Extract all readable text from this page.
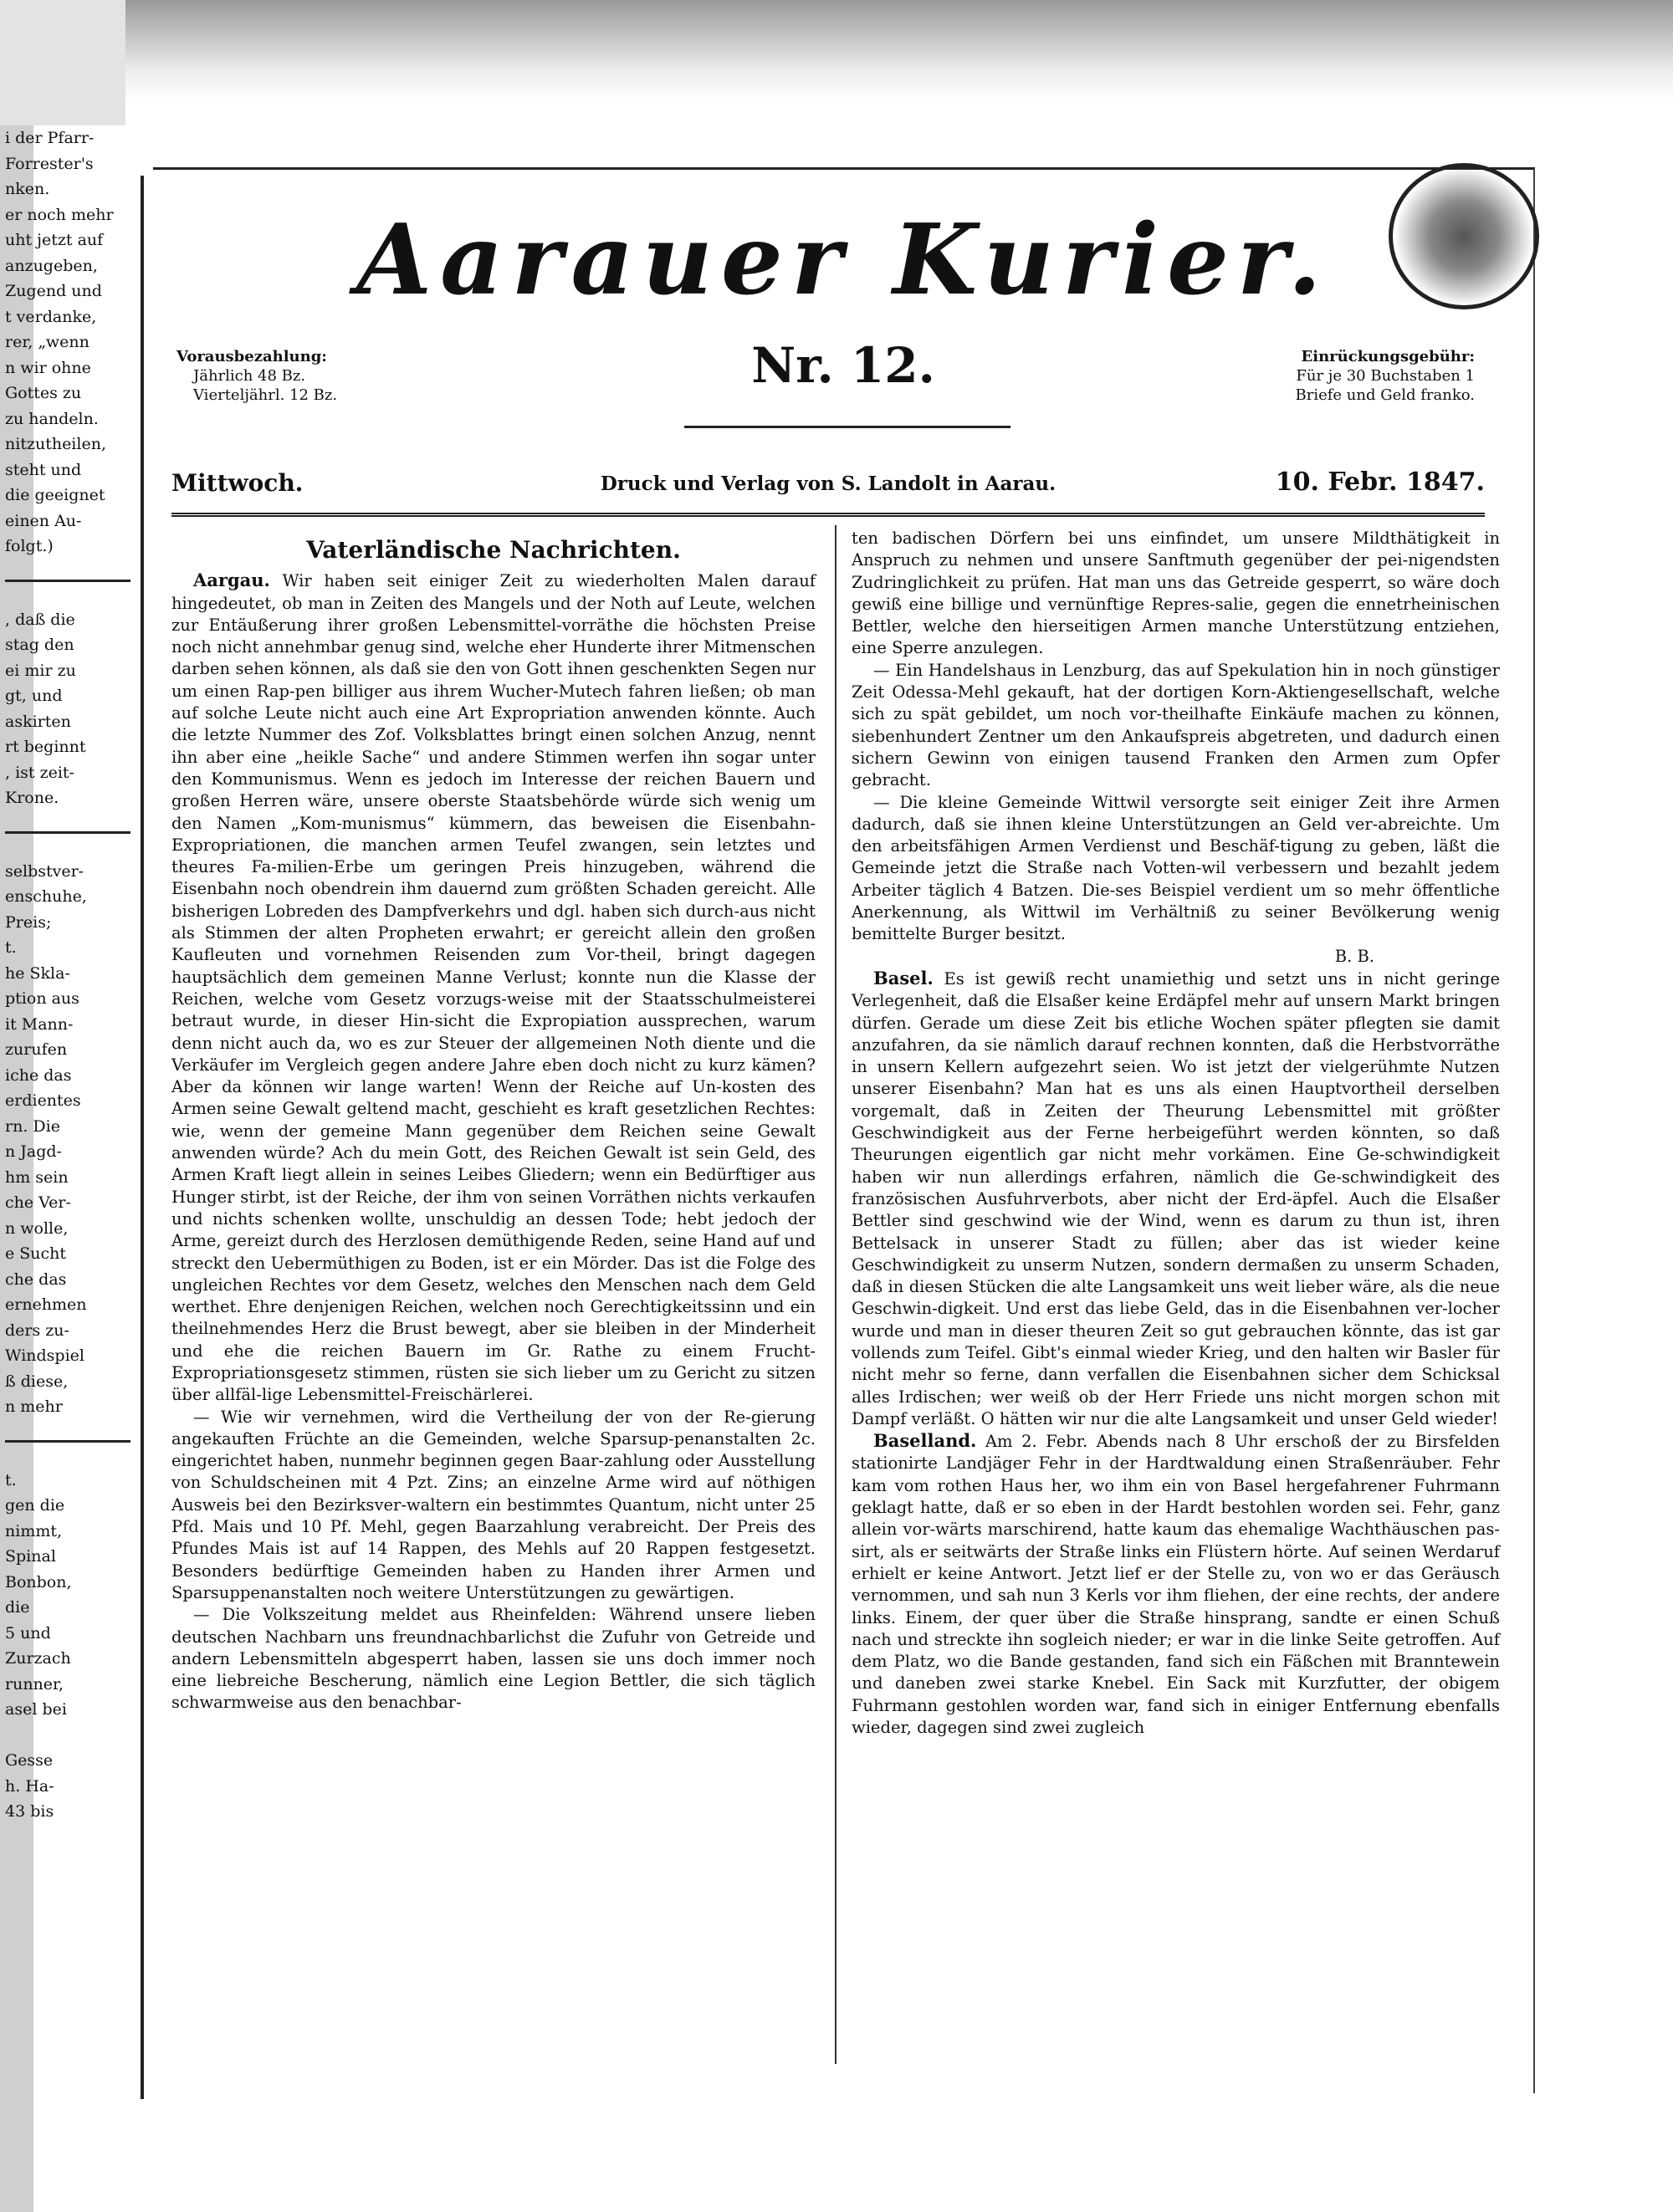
i der Pfarr-
Forrester's
nken.
er noch mehr
uht jetzt auf
anzugeben,
Zugend und
t verdanke,
rer, „wenn
n wir ohne
Gottes zu
zu handeln.
nitzutheilen,
steht und
die geeignet
einen Au-
folgt.)
, daß die
stag den
ei mir zu
gt, und
askirten
rt beginnt
, ist zeit-
Krone.
selbstver-
enschuhe,
Preis;
t.
he Skla-
ption aus
it Mann-
zurufen
iche das
erdientes
rn. Die
n Jagd-
hm sein
che Ver-
n wolle,
e Sucht
che das
ernehmen
ders zu-
Windspiel
ß diese,
n mehr
t.
gen die
nimmt,
Spinal
Bonbon,
die
5 und
Zurzach
runner,
asel bei

Gesse
h. Ha-
43 bis
Aarauer Kurier.
Vorausbezahlung:
Jährlich 48 Bz.
Vierteljährl. 12 Bz.
Nr. 12.	Einrückungsgebühr:
Für je 30 Buchstaben 1
Briefe und Geld franko.
Druck und Verlag von S. Landolt in Aarau.
Mittwoch.	10. Febr. 1847.
Vaterländische Nachrichten.

Aargau. Wir haben seit einiger Zeit zu wiederholten Malen darauf hingedeutet, ob man in Zeiten des Mangels und der Noth auf Leute, welchen zur Entäußerung ihrer großen Lebensmittel-vorräthe die höchsten Preise noch nicht annehmbar genug sind, welche eher Hunderte ihrer Mitmenschen darben sehen können, als daß sie den von Gott ihnen geschenkten Segen nur um einen Rap-pen billiger aus ihrem Wucher-Mutech fahren ließen; ob man auf solche Leute nicht auch eine Art Expropriation anwenden könnte. Auch die letzte Nummer des Zof. Volksblattes bringt einen solchen Anzug, nennt ihn aber eine „heikle Sache“ und andere Stimmen werfen ihn sogar unter den Kommunismus. Wenn es jedoch im Interesse der reichen Bauern und großen Herren wäre, unsere oberste Staatsbehörde würde sich wenig um den Namen „Kom-munismus“ kümmern, das beweisen die Eisenbahn-Expropriationen, die manchen armen Teufel zwangen, sein letztes und theures Fa-milien-Erbe um geringen Preis hinzugeben, während die Eisenbahn noch obendrein ihm dauernd zum größten Schaden gereicht. Alle bisherigen Lobreden des Dampfverkehrs und dgl. haben sich durch-aus nicht als Stimmen der alten Propheten erwahrt; er gereicht allein den großen Kaufleuten und vornehmen Reisenden zum Vor-theil, bringt dagegen hauptsächlich dem gemeinen Manne Verlust; konnte nun die Klasse der Reichen, welche vom Gesetz vorzugs-weise mit der Staatsschulmeisterei betraut wurde, in dieser Hin-sicht die Expropiation aussprechen, warum denn nicht auch da, wo es zur Steuer der allgemeinen Noth diente und die Verkäufer im Vergleich gegen andere Jahre eben doch nicht zu kurz kämen? Aber da können wir lange warten! Wenn der Reiche auf Un-kosten des Armen seine Gewalt geltend macht, geschieht es kraft gesetzlichen Rechtes: wie, wenn der gemeine Mann gegenüber dem Reichen seine Gewalt anwenden würde? Ach du mein Gott, des Reichen Gewalt ist sein Geld, des Armen Kraft liegt allein in seines Leibes Gliedern; wenn ein Bedürftiger aus Hunger stirbt, ist der Reiche, der ihm von seinen Vorräthen nichts verkaufen und nichts schenken wollte, unschuldig an dessen Tode; hebt jedoch der Arme, gereizt durch des Herzlosen demüthigende Reden, seine Hand auf und streckt den Uebermüthigen zu Boden, ist er ein Mörder. Das ist die Folge des ungleichen Rechtes vor dem Gesetz, welches den Menschen nach dem Geld werthet. Ehre denjenigen Reichen, welchen noch Gerechtigkeitssinn und ein theilnehmendes Herz die Brust bewegt, aber sie bleiben in der Minderheit und ehe die reichen Bauern im Gr. Rathe zu einem Frucht-Expropriationsgesetz stimmen, rüsten sie sich lieber um zu Gericht zu sitzen über allfäl-lige Lebensmittel-Freischärlerei.

— Wie wir vernehmen, wird die Vertheilung der von der Re-gierung angekauften Früchte an die Gemeinden, welche Sparsup-penanstalten 2c. eingerichtet haben, nunmehr beginnen gegen Baar-zahlung oder Ausstellung von Schuldscheinen mit 4 Pzt. Zins; an einzelne Arme wird auf nöthigen Ausweis bei den Bezirksver-waltern ein bestimmtes Quantum, nicht unter 25 Pfd. Mais und 10 Pf. Mehl, gegen Baarzahlung verabreicht. Der Preis des Pfundes Mais ist auf 14 Rappen, des Mehls auf 20 Rappen festgesetzt. Besonders bedürftige Gemeinden haben zu Handen ihrer Armen und Sparsuppenanstalten noch weitere Unterstützungen zu gewärtigen.

— Die Volkszeitung meldet aus Rheinfelden: Während unsere lieben deutschen Nachbarn uns freundnachbarlichst die Zufuhr von Getreide und andern Lebensmitteln abgesperrt haben, lassen sie uns doch immer noch eine liebreiche Bescherung, nämlich eine Legion Bettler, die sich täglich schwarmweise aus den benachbar-

ten badischen Dörfern bei uns einfindet, um unsere Mildthätigkeit in Anspruch zu nehmen und unsere Sanftmuth gegenüber der pei-nigendsten Zudringlichkeit zu prüfen. Hat man uns das Getreide gesperrt, so wäre doch gewiß eine billige und vernünftige Repres-salie, gegen die ennetrheinischen Bettler, welche den hierseitigen Armen manche Unterstützung entziehen, eine Sperre anzulegen.

— Ein Handelshaus in Lenzburg, das auf Spekulation hin in noch günstiger Zeit Odessa-Mehl gekauft, hat der dortigen Korn-Aktiengesellschaft, welche sich zu spät gebildet, um noch vor-theilhafte Einkäufe machen zu können, siebenhundert Zentner um den Ankaufspreis abgetreten, und dadurch einen sichern Gewinn von einigen tausend Franken den Armen zum Opfer gebracht.

— Die kleine Gemeinde Wittwil versorgte seit einiger Zeit ihre Armen dadurch, daß sie ihnen kleine Unterstützungen an Geld ver-abreichte. Um den arbeitsfähigen Armen Verdienst und Beschäf-tigung zu geben, läßt die Gemeinde jetzt die Straße nach Votten-wil verbessern und bezahlt jedem Arbeiter täglich 4 Batzen. Die-ses Beispiel verdient um so mehr öffentliche Anerkennung, als Wittwil im Verhältniß zu seiner Bevölkerung wenig bemittelte Burger besitzt.

B. B.

Basel. Es ist gewiß recht unamiethig und setzt uns in nicht geringe Verlegenheit, daß die Elsaßer keine Erdäpfel mehr auf unsern Markt bringen dürfen. Gerade um diese Zeit bis etliche Wochen später pflegten sie damit anzufahren, da sie nämlich darauf rechnen konnten, daß die Herbstvorräthe in unsern Kellern aufgezehrt seien. Wo ist jetzt der vielgerühmte Nutzen unserer Eisenbahn? Man hat es uns als einen Hauptvortheil derselben vorgemalt, daß in Zeiten der Theurung Lebensmittel mit größter Geschwindigkeit aus der Ferne herbeigeführt werden könnten, so daß Theurungen eigentlich gar nicht mehr vorkämen. Eine Ge-schwindigkeit haben wir nun allerdings erfahren, nämlich die Ge-schwindigkeit des französischen Ausfuhrverbots, aber nicht der Erd-äpfel. Auch die Elsaßer Bettler sind geschwind wie der Wind, wenn es darum zu thun ist, ihren Bettelsack in unserer Stadt zu füllen; aber das ist wieder keine Geschwindigkeit zu unserm Nutzen, sondern dermaßen zu unserm Schaden, daß in diesen Stücken die alte Langsamkeit uns weit lieber wäre, als die neue Geschwin-digkeit. Und erst das liebe Geld, das in die Eisenbahnen ver-locher wurde und man in dieser theuren Zeit so gut gebrauchen könnte, das ist gar vollends zum Teifel. Gibt's einmal wieder Krieg, und den halten wir Basler für nicht mehr so ferne, dann verfallen die Eisenbahnen sicher dem Schicksal alles Irdischen; wer weiß ob der Herr Friede uns nicht morgen schon mit Dampf verläßt. O hätten wir nur die alte Langsamkeit und unser Geld wieder!

Baselland. Am 2. Febr. Abends nach 8 Uhr erschoß der zu Birsfelden stationirte Landjäger Fehr in der Hardtwaldung einen Straßenräuber. Fehr kam vom rothen Haus her, wo ihm ein von Basel hergefahrener Fuhrmann geklagt hatte, daß er so eben in der Hardt bestohlen worden sei. Fehr, ganz allein vor-wärts marschirend, hatte kaum das ehemalige Wachthäuschen pas-sirt, als er seitwärts der Straße links ein Flüstern hörte. Auf seinen Werdaruf erhielt er keine Antwort. Jetzt lief er der Stelle zu, von wo er das Geräusch vernommen, und sah nun 3 Kerls vor ihm fliehen, der eine rechts, der andere links. Einem, der quer über die Straße hinsprang, sandte er einen Schuß nach und streckte ihn sogleich nieder; er war in die linke Seite getroffen. Auf dem Platz, wo die Bande gestanden, fand sich ein Fäßchen mit Branntewein und daneben zwei starke Knebel. Ein Sack mit Kurzfutter, der obigem Fuhrmann gestohlen worden war, fand sich in einiger Entfernung ebenfalls wieder, dagegen sind zwei zugleich
